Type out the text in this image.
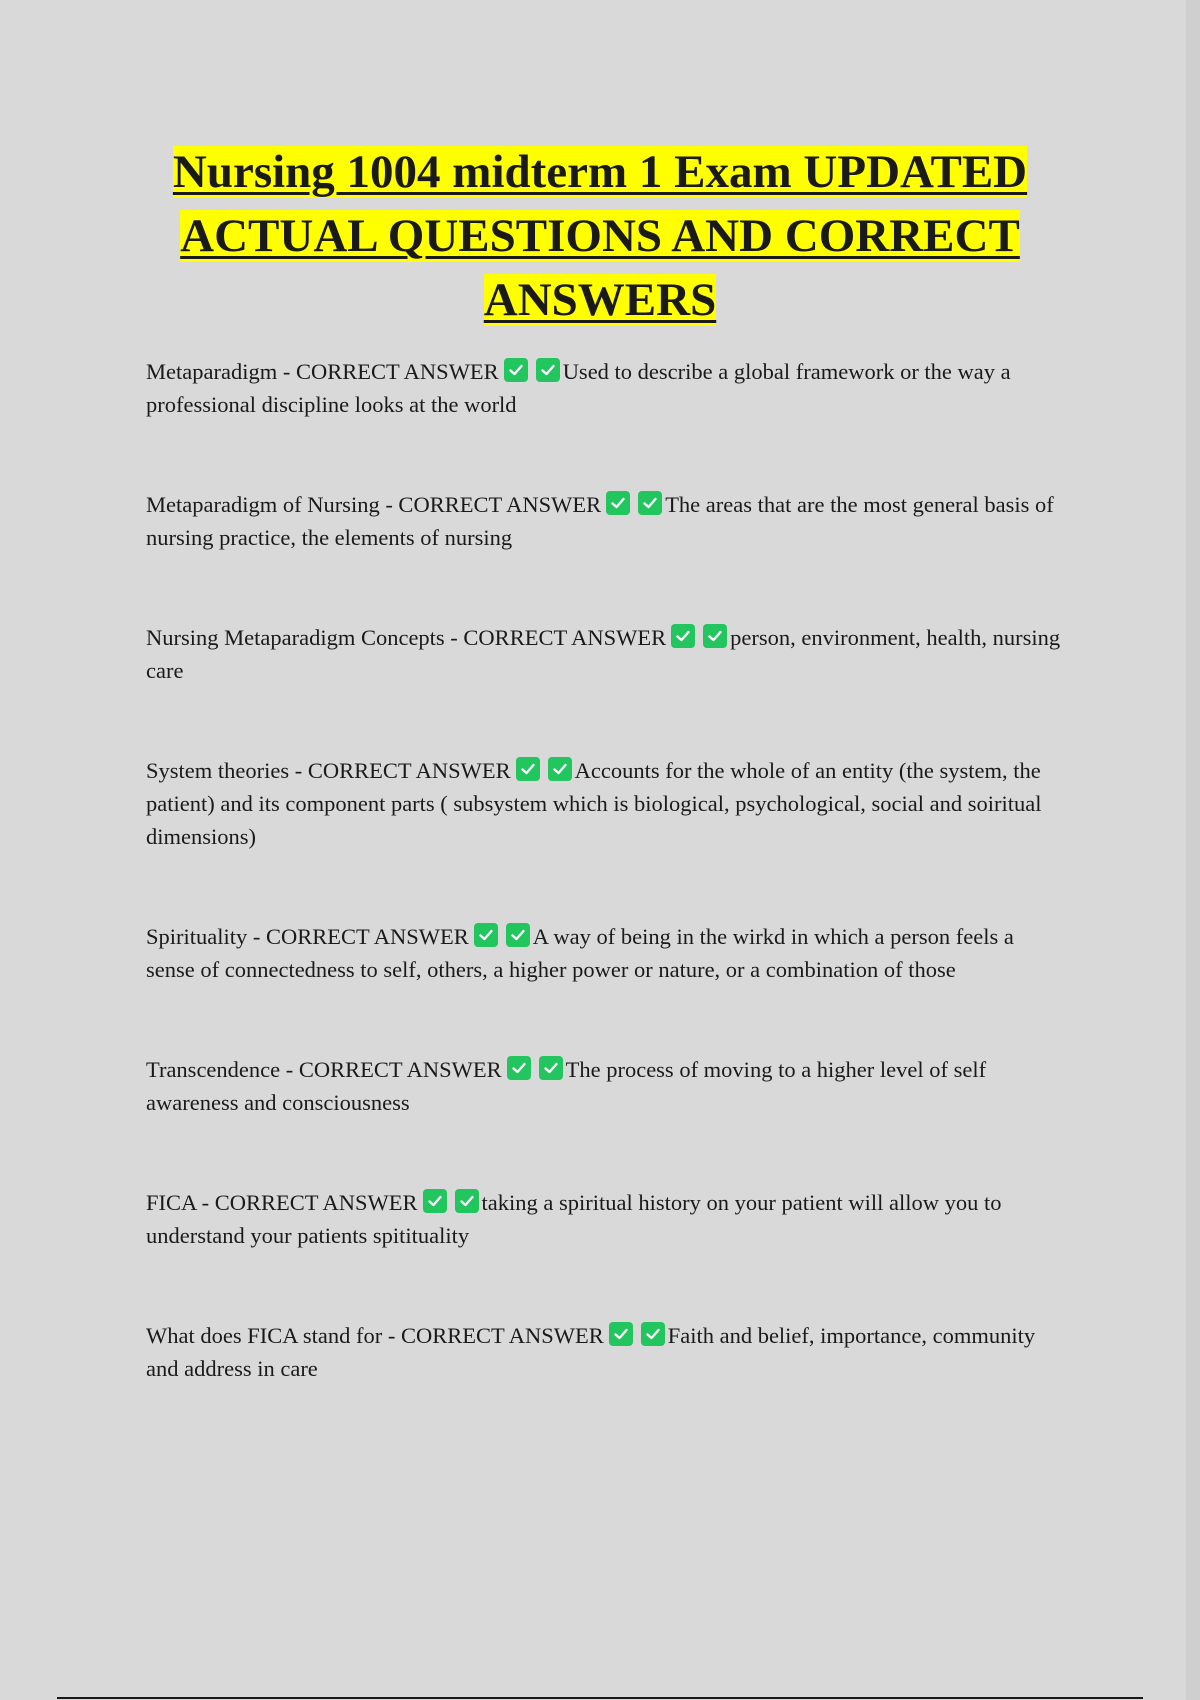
Nursing 1004 midterm 1 Exam UPDATED ACTUAL QUESTIONS AND CORRECT ANSWERS

Metaparadigm - CORRECT ANSWER	Used to describe a global framework or the way a professional discipline looks at the world

Metaparadigm of Nursing - CORRECT ANSWER	The areas that are the most general basis of nursing practice, the elements of nursing

Nursing Metaparadigm Concepts - CORRECT ANSWER	person, environment, health, nursing care

System theories - CORRECT ANSWER	Accounts for the whole of an entity (the system, the patient) and its component parts ( subsystem which is biological, psychological, social and soiritual dimensions)

Spirituality - CORRECT ANSWER	A way of being in the wirkd in which a person feels a sense of connectedness to self, others, a higher power or nature, or a combination of those

Transcendence - CORRECT ANSWER	The process of moving to a higher level of self awareness and consciousness

FICA - CORRECT ANSWER	taking a spiritual history on your patient will allow you to understand your patients spitituality

What does FICA stand for - CORRECT ANSWER	Faith and belief, importance, community and address in care
